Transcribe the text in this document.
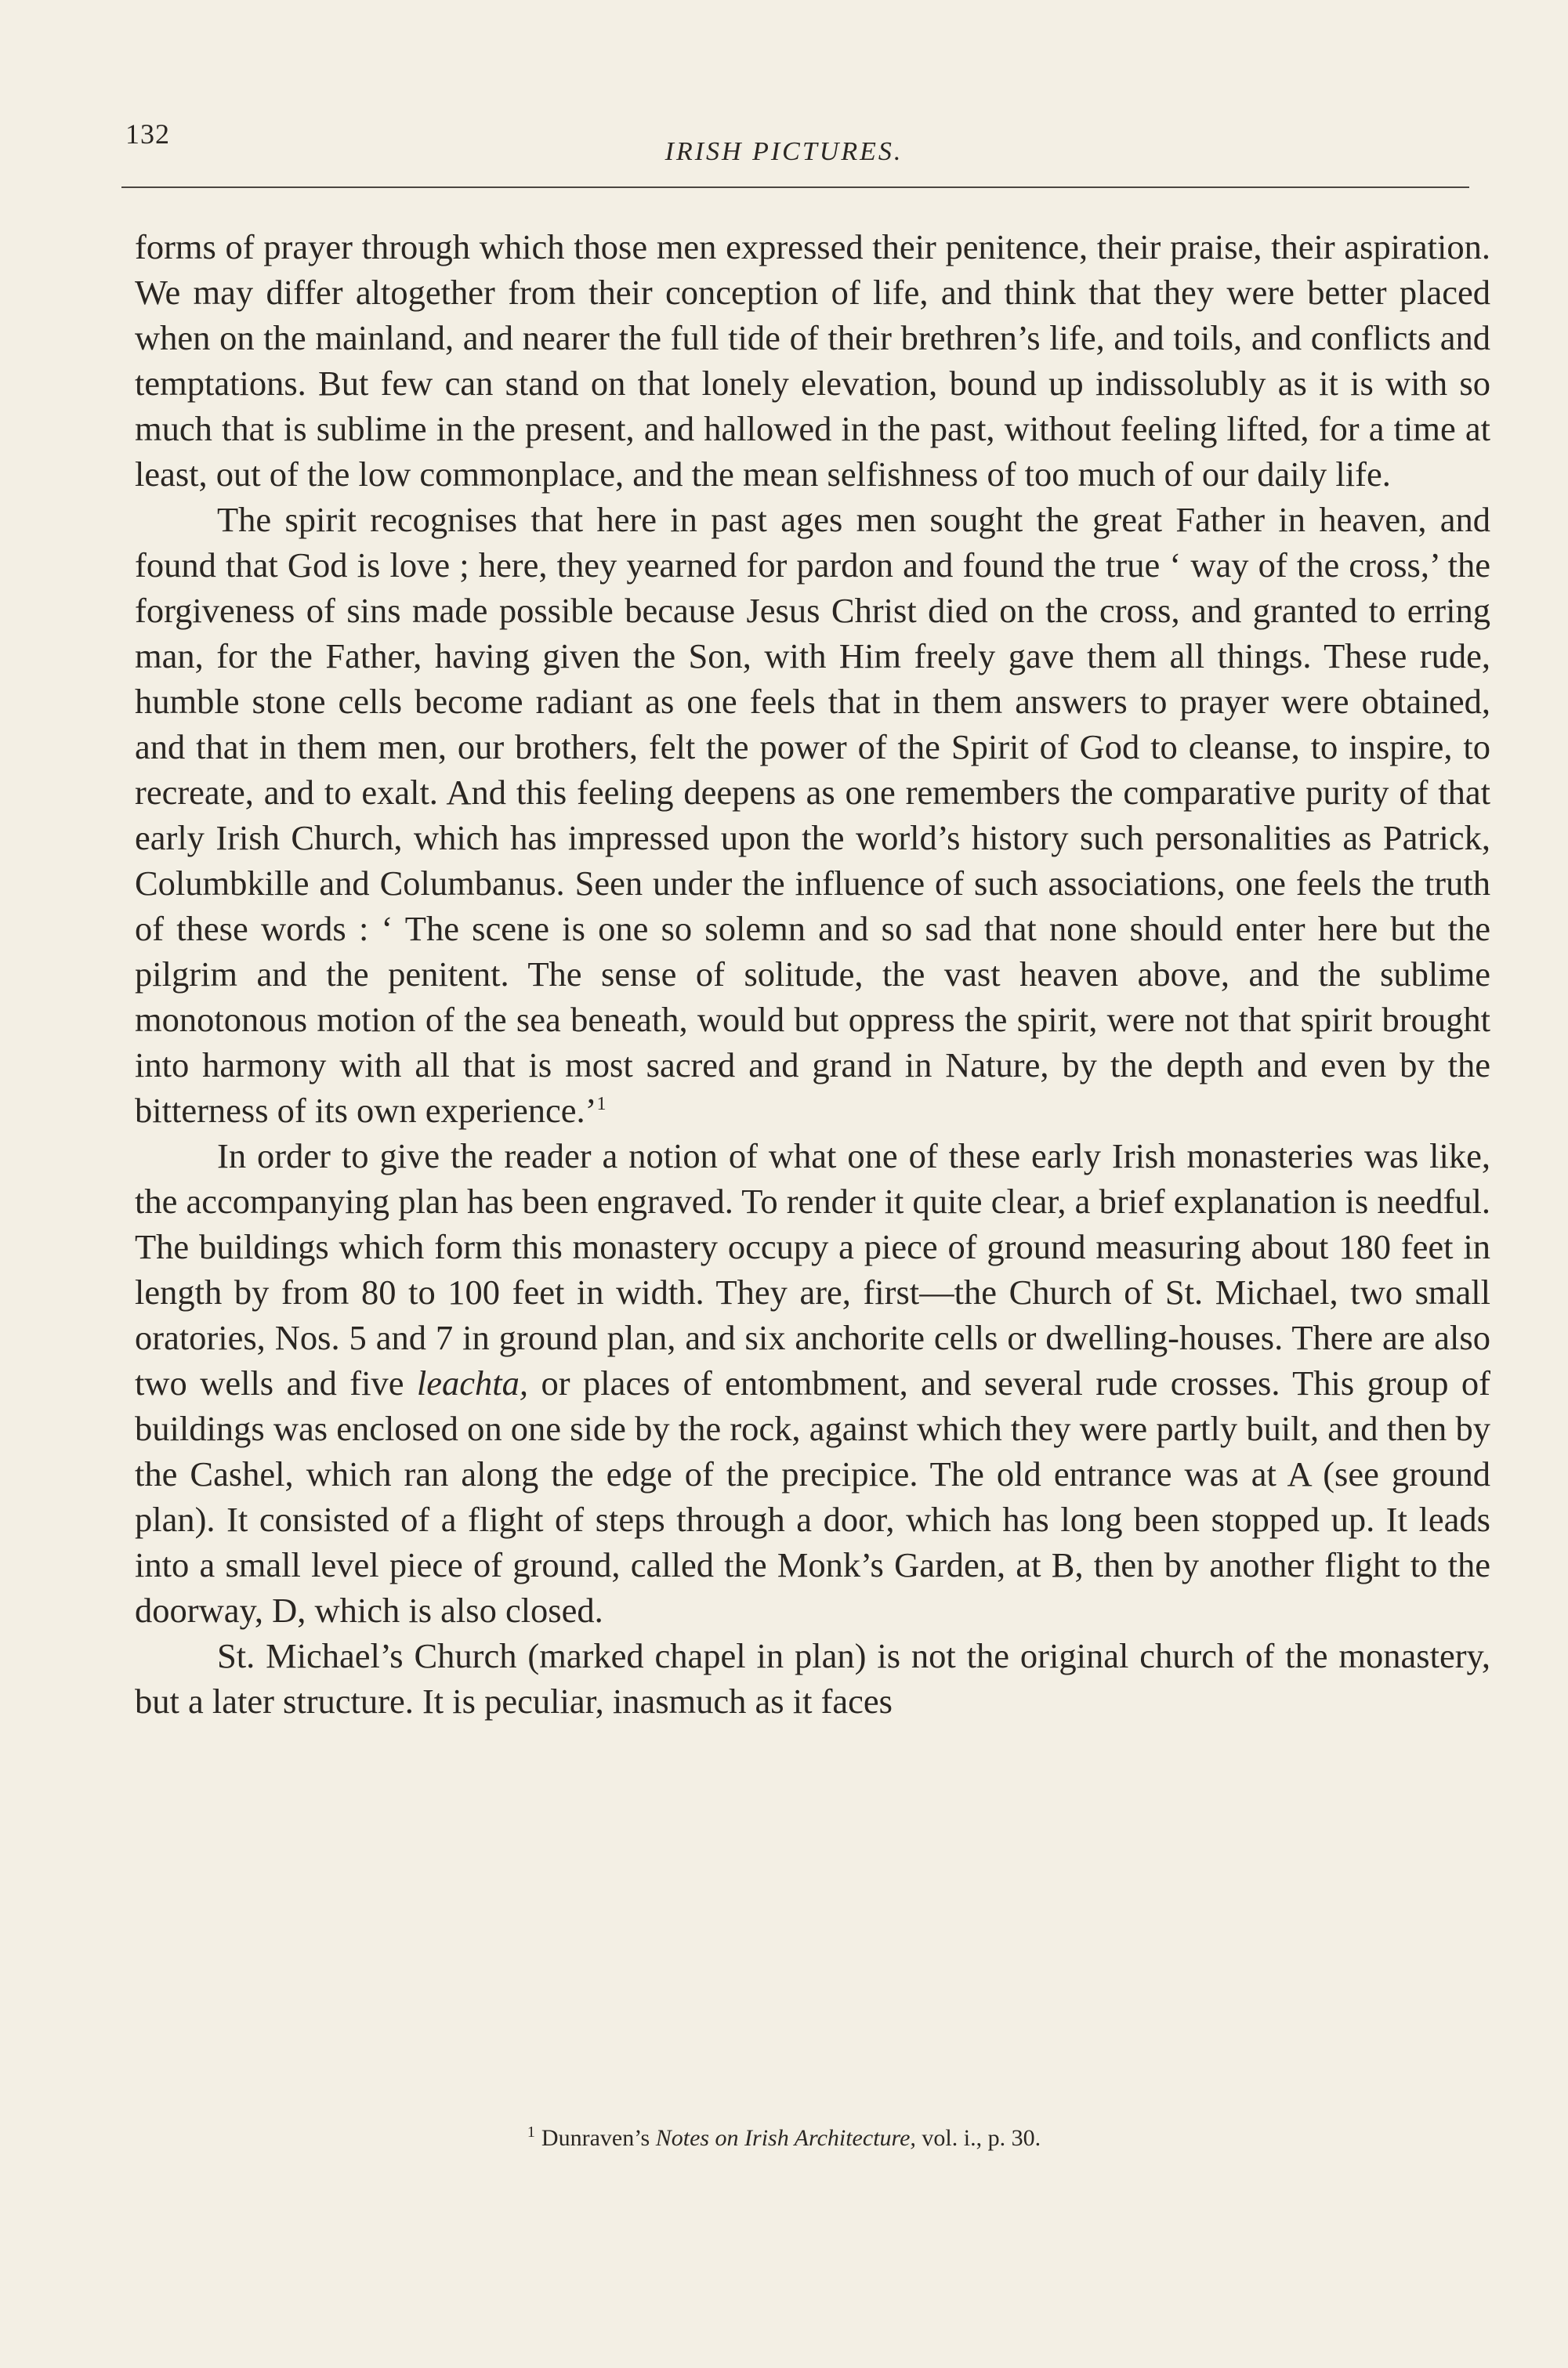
132
IRISH PICTURES.

forms of prayer through which those men expressed their penitence, their praise, their aspiration. We may differ altogether from their conception of life, and think that they were better placed when on the mainland, and nearer the full tide of their brethren’s life, and toils, and conflicts and temptations. But few can stand on that lonely elevation, bound up indissolubly as it is with so much that is sublime in the present, and hallowed in the past, without feeling lifted, for a time at least, out of the low commonplace, and the mean selfishness of too much of our daily life.

The spirit recognises that here in past ages men sought the great Father in heaven, and found that God is love ; here, they yearned for pardon and found the true ‘ way of the cross,’ the forgiveness of sins made possible because Jesus Christ died on the cross, and granted to erring man, for the Father, having given the Son, with Him freely gave them all things. These rude, humble stone cells become radiant as one feels that in them answers to prayer were obtained, and that in them men, our brothers, felt the power of the Spirit of God to cleanse, to inspire, to recreate, and to exalt. And this feeling deepens as one remembers the comparative purity of that early Irish Church, which has impressed upon the world’s history such personalities as Patrick, Columbkille and Columbanus. Seen under the influence of such associations, one feels the truth of these words : ‘ The scene is one so solemn and so sad that none should enter here but the pilgrim and the penitent. The sense of solitude, the vast heaven above, and the sublime monotonous motion of the sea beneath, would but oppress the spirit, were not that spirit brought into harmony with all that is most sacred and grand in Nature, by the depth and even by the bitterness of its own experience.’$^1$

In order to give the reader a notion of what one of these early Irish monasteries was like, the accompanying plan has been engraved. To render it quite clear, a brief explanation is needful. The buildings which form this monastery occupy a piece of ground measuring about 180 feet in length by from 80 to 100 feet in width. They are, first—the Church of St. Michael, two small oratories, Nos. 5 and 7 in ground plan, and six anchorite cells or dwelling-houses. There are also two wells and five leachta, or places of entombment, and several rude crosses. This group of buildings was enclosed on one side by the rock, against which they were partly built, and then by the Cashel, which ran along the edge of the precipice. The old entrance was at A (see ground plan). It consisted of a flight of steps through a door, which has long been stopped up. It leads into a small level piece of ground, called the Monk’s Garden, at B, then by another flight to the doorway, D, which is also closed.

St. Michael’s Church (marked chapel in plan) is not the original church of the monastery, but a later structure. It is peculiar, inasmuch as it faces

$^1$ Dunraven’s Notes on Irish Architecture, vol. i., p. 30.
